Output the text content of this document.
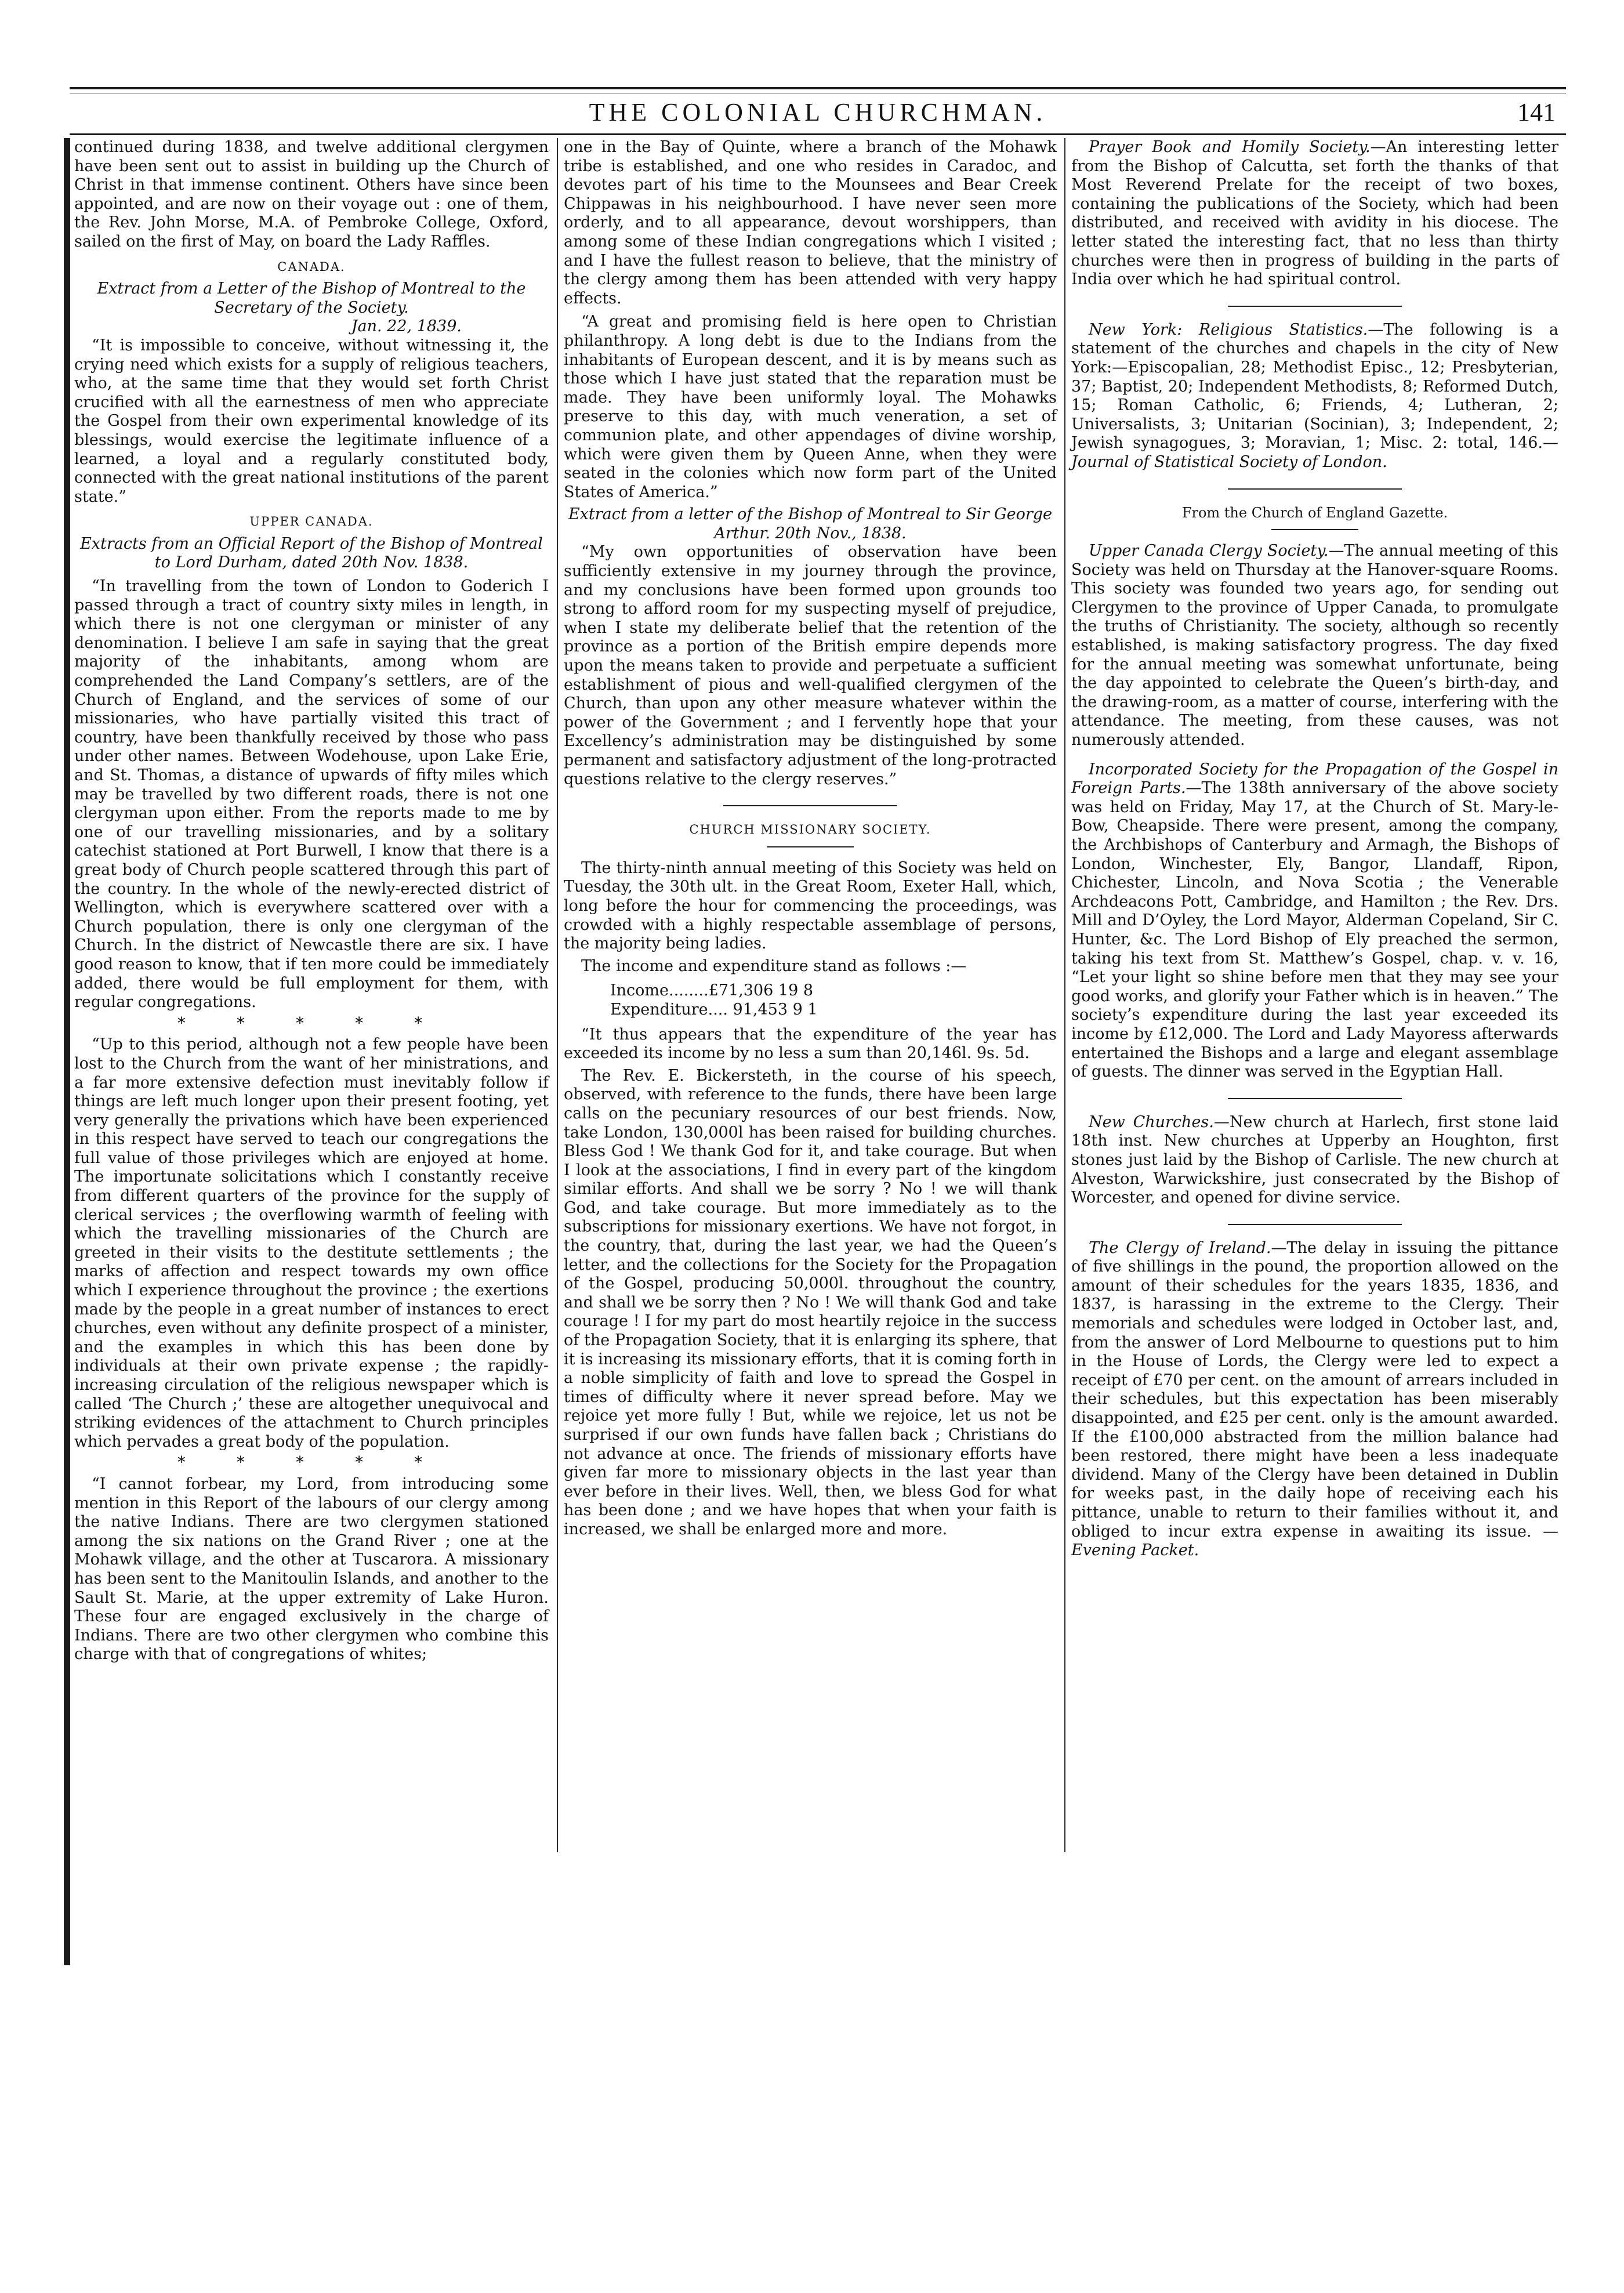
THE COLONIAL CHURCHMAN.	141

continued during 1838, and twelve additional clergymen have been sent out to assist in building up the Church of Christ in that immense continent. Others have since been appointed, and are now on their voyage out : one of them, the Rev. John Morse, M.A. of Pembroke College, Oxford, sailed on the first of May, on board the Lady Raffles.

CANADA.

Extract from a Letter of the Bishop of Montreal to the Secretary of the Society.

Jan. 22, 1839.

“It is impossible to conceive, without witnessing it, the crying need which exists for a supply of religious teachers, who, at the same time that they would set forth Christ crucified with all the earnestness of men who appreciate the Gospel from their own experimental knowledge of its blessings, would exercise the legitimate influence of a learned, a loyal and a regularly constituted body, connected with the great national institutions of the parent state.”

UPPER CANADA.

Extracts from an Official Report of the Bishop of Montreal to Lord Durham, dated 20th Nov. 1838.

“In travelling from the town of London to Goderich I passed through a tract of country sixty miles in length, in which there is not one clergyman or minister of any denomination. I believe I am safe in saying that the great majority of the inhabitants, among whom are comprehended the Land Company’s settlers, are of the Church of England, and the services of some of our missionaries, who have partially visited this tract of country, have been thankfully received by those who pass under other names. Between Wodehouse, upon Lake Erie, and St. Thomas, a distance of upwards of fifty miles which may be travelled by two different roads, there is not one clergyman upon either. From the reports made to me by one of our travelling missionaries, and by a solitary catechist stationed at Port Burwell, I know that there is a great body of Church people scattered through this part of the country. In the whole of the newly-erected district of Wellington, which is everywhere scattered over with a Church population, there is only one clergyman of the Church. In the district of Newcastle there are six. I have good reason to know, that if ten more could be immediately added, there would be full employment for them, with regular congregations.

* * * * *

“Up to this period, although not a few people have been lost to the Church from the want of her ministrations, and a far more extensive defection must inevitably follow if things are left much longer upon their present footing, yet very generally the privations which have been experienced in this respect have served to teach our congregations the full value of those privileges which are enjoyed at home. The importunate solicitations which I constantly receive from different quarters of the province for the supply of clerical services ; the overflowing warmth of feeling with which the travelling missionaries of the Church are greeted in their visits to the destitute settlements ; the marks of affection and respect towards my own office which I experience throughout the province ; the exertions made by the people in a great number of instances to erect churches, even without any definite prospect of a minister, and the examples in which this has been done by individuals at their own private expense ; the rapidly-increasing circulation of the religious newspaper which is called ‘The Church ;’ these are altogether unequivocal and striking evidences of the attachment to Church principles which pervades a great body of the population.

* * * * *

“I cannot forbear, my Lord, from introducing some mention in this Report of the labours of our clergy among the native Indians. There are two clergymen stationed among the six nations on the Grand River ; one at the Mohawk village, and the other at Tuscarora. A missionary has been sent to the Manitoulin Islands, and another to the Sault St. Marie, at the upper extremity of Lake Huron. These four are engaged exclusively in the charge of Indians. There are two other clergymen who combine this charge with that of congregations of whites;

one in the Bay of Quinte, where a branch of the Mohawk tribe is established, and one who resides in Caradoc, and devotes part of his time to the Mounsees and Bear Creek Chippawas in his neighbourhood. I have never seen more orderly, and to all appearance, devout worshippers, than among some of these Indian congregations which I visited ; and I have the fullest reason to believe, that the ministry of the clergy among them has been attended with very happy effects.

“A great and promising field is here open to Christian philanthropy. A long debt is due to the Indians from the inhabitants of European descent, and it is by means such as those which I have just stated that the reparation must be made. They have been uniformly loyal. The Mohawks preserve to this day, with much veneration, a set of communion plate, and other appendages of divine worship, which were given them by Queen Anne, when they were seated in the colonies which now form part of the United States of America.”

Extract from a letter of the Bishop of Montreal to Sir George Arthur. 20th Nov., 1838.

“My own opportunities of observation have been sufficiently extensive in my journey through the province, and my conclusions have been formed upon grounds too strong to afford room for my suspecting myself of prejudice, when I state my deliberate belief that the retention of the province as a portion of the British empire depends more upon the means taken to provide and perpetuate a sufficient establishment of pious and well-qualified clergymen of the Church, than upon any other measure whatever within the power of the Government ; and I fervently hope that your Excellency’s administration may be distinguished by some permanent and satisfactory adjustment of the long-protracted questions relative to the clergy reserves.”

CHURCH MISSIONARY SOCIETY.

The thirty-ninth annual meeting of this Society was held on Tuesday, the 30th ult. in the Great Room, Exeter Hall, which, long before the hour for commencing the proceedings, was crowded with a highly respectable assemblage of persons, the majority being ladies.

The income and expenditure stand as follows :—

Income........£71,306 19 8

Expenditure.... 91,453 9 1

“It thus appears that the expenditure of the year has exceeded its income by no less a sum than 20,146l. 9s. 5d.

The Rev. E. Bickersteth, in the course of his speech, observed, with reference to the funds, there have been large calls on the pecuniary resources of our best friends. Now, take London, 130,000l has been raised for building churches. Bless God ! We thank God for it, and take courage. But when I look at the associations, I find in every part of the kingdom similar efforts. And shall we be sorry ? No ! we will thank God, and take courage. But more immediately as to the subscriptions for missionary exertions. We have not forgot, in the country, that, during the last year, we had the Queen’s letter, and the collections for the Society for the Propagation of the Gospel, producing 50,000l. throughout the country, and shall we be sorry then ? No ! We will thank God and take courage ! I for my part do most heartily rejoice in the success of the Propagation Society, that it is enlarging its sphere, that it is increasing its missionary efforts, that it is coming forth in a noble simplicity of faith and love to spread the Gospel in times of difficulty where it never spread before. May we rejoice yet more fully ! But, while we rejoice, let us not be surprised if our own funds have fallen back ; Christians do not advance at once. The friends of missionary efforts have given far more to missionary objects in the last year than ever before in their lives. Well, then, we bless God for what has been done ; and we have hopes that when your faith is increased, we shall be enlarged more and more.

Prayer Book and Homily Society.—An interesting letter from the Bishop of Calcutta, set forth the thanks of that Most Reverend Prelate for the receipt of two boxes, containing the publications of the Society, which had been distributed, and received with avidity in his diocese. The letter stated the interesting fact, that no less than thirty churches were then in progress of building in the parts of India over which he had spiritual control.

New York: Religious Statistics.—The following is a statement of the churches and chapels in the city of New York:—Episcopalian, 28; Methodist Episc., 12; Presbyterian, 37; Baptist, 20; Independent Methodists, 8; Reformed Dutch, 15; Roman Catholic, 6; Friends, 4; Lutheran, 2; Universalists, 3; Unitarian (Socinian), 3; Independent, 2; Jewish synagogues, 3; Moravian, 1; Misc. 2: total, 146.—Journal of Statistical Society of London.

From the Church of England Gazette.

Upper Canada Clergy Society.—The annual meeting of this Society was held on Thursday at the Hanover-square Rooms. This society was founded two years ago, for sending out Clergymen to the province of Upper Canada, to promulgate the truths of Christianity. The society, although so recently established, is making satisfactory progress. The day fixed for the annual meeting was somewhat unfortunate, being the day appointed to celebrate the Queen’s birth-day, and the drawing-room, as a matter of course, interfering with the attendance. The meeting, from these causes, was not numerously attended.

Incorporated Society for the Propagation of the Gospel in Foreign Parts.—The 138th anniversary of the above society was held on Friday, May 17, at the Church of St. Mary-le-Bow, Cheapside. There were present, among the company, the Archbishops of Canterbury and Armagh, the Bishops of London, Winchester, Ely, Bangor, Llandaff, Ripon, Chichester, Lincoln, and Nova Scotia ; the Venerable Archdeacons Pott, Cambridge, and Hamilton ; the Rev. Drs. Mill and D’Oyley, the Lord Mayor, Alderman Copeland, Sir C. Hunter, &c. The Lord Bishop of Ely preached the sermon, taking his text from St. Matthew’s Gospel, chap. v. v. 16, “Let your light so shine before men that they may see your good works, and glorify your Father which is in heaven.” The society’s expenditure during the last year exceeded its income by £12,000. The Lord and Lady Mayoress afterwards entertained the Bishops and a large and elegant assemblage of guests. The dinner was served in the Egyptian Hall.

New Churches.—New church at Harlech, first stone laid 18th inst. New churches at Upperby an Houghton, first stones just laid by the Bishop of Carlisle. The new church at Alveston, Warwickshire, just consecrated by the Bishop of Worcester, and opened for divine service.

The Clergy of Ireland.—The delay in issuing the pittance of five shillings in the pound, the proportion allowed on the amount of their schedules for the years 1835, 1836, and 1837, is harassing in the extreme to the Clergy. Their memorials and schedules were lodged in October last, and, from the answer of Lord Melbourne to questions put to him in the House of Lords, the Clergy were led to expect a receipt of £70 per cent. on the amount of arrears included in their schedules, but this expectation has been miserably disappointed, and £25 per cent. only is the amount awarded. If the £100,000 abstracted from the million balance had been restored, there might have been a less inadequate dividend. Many of the Clergy have been detained in Dublin for weeks past, in the daily hope of receiving each his pittance, unable to return to their families without it, and obliged to incur extra expense in awaiting its issue. —Evening Packet.
